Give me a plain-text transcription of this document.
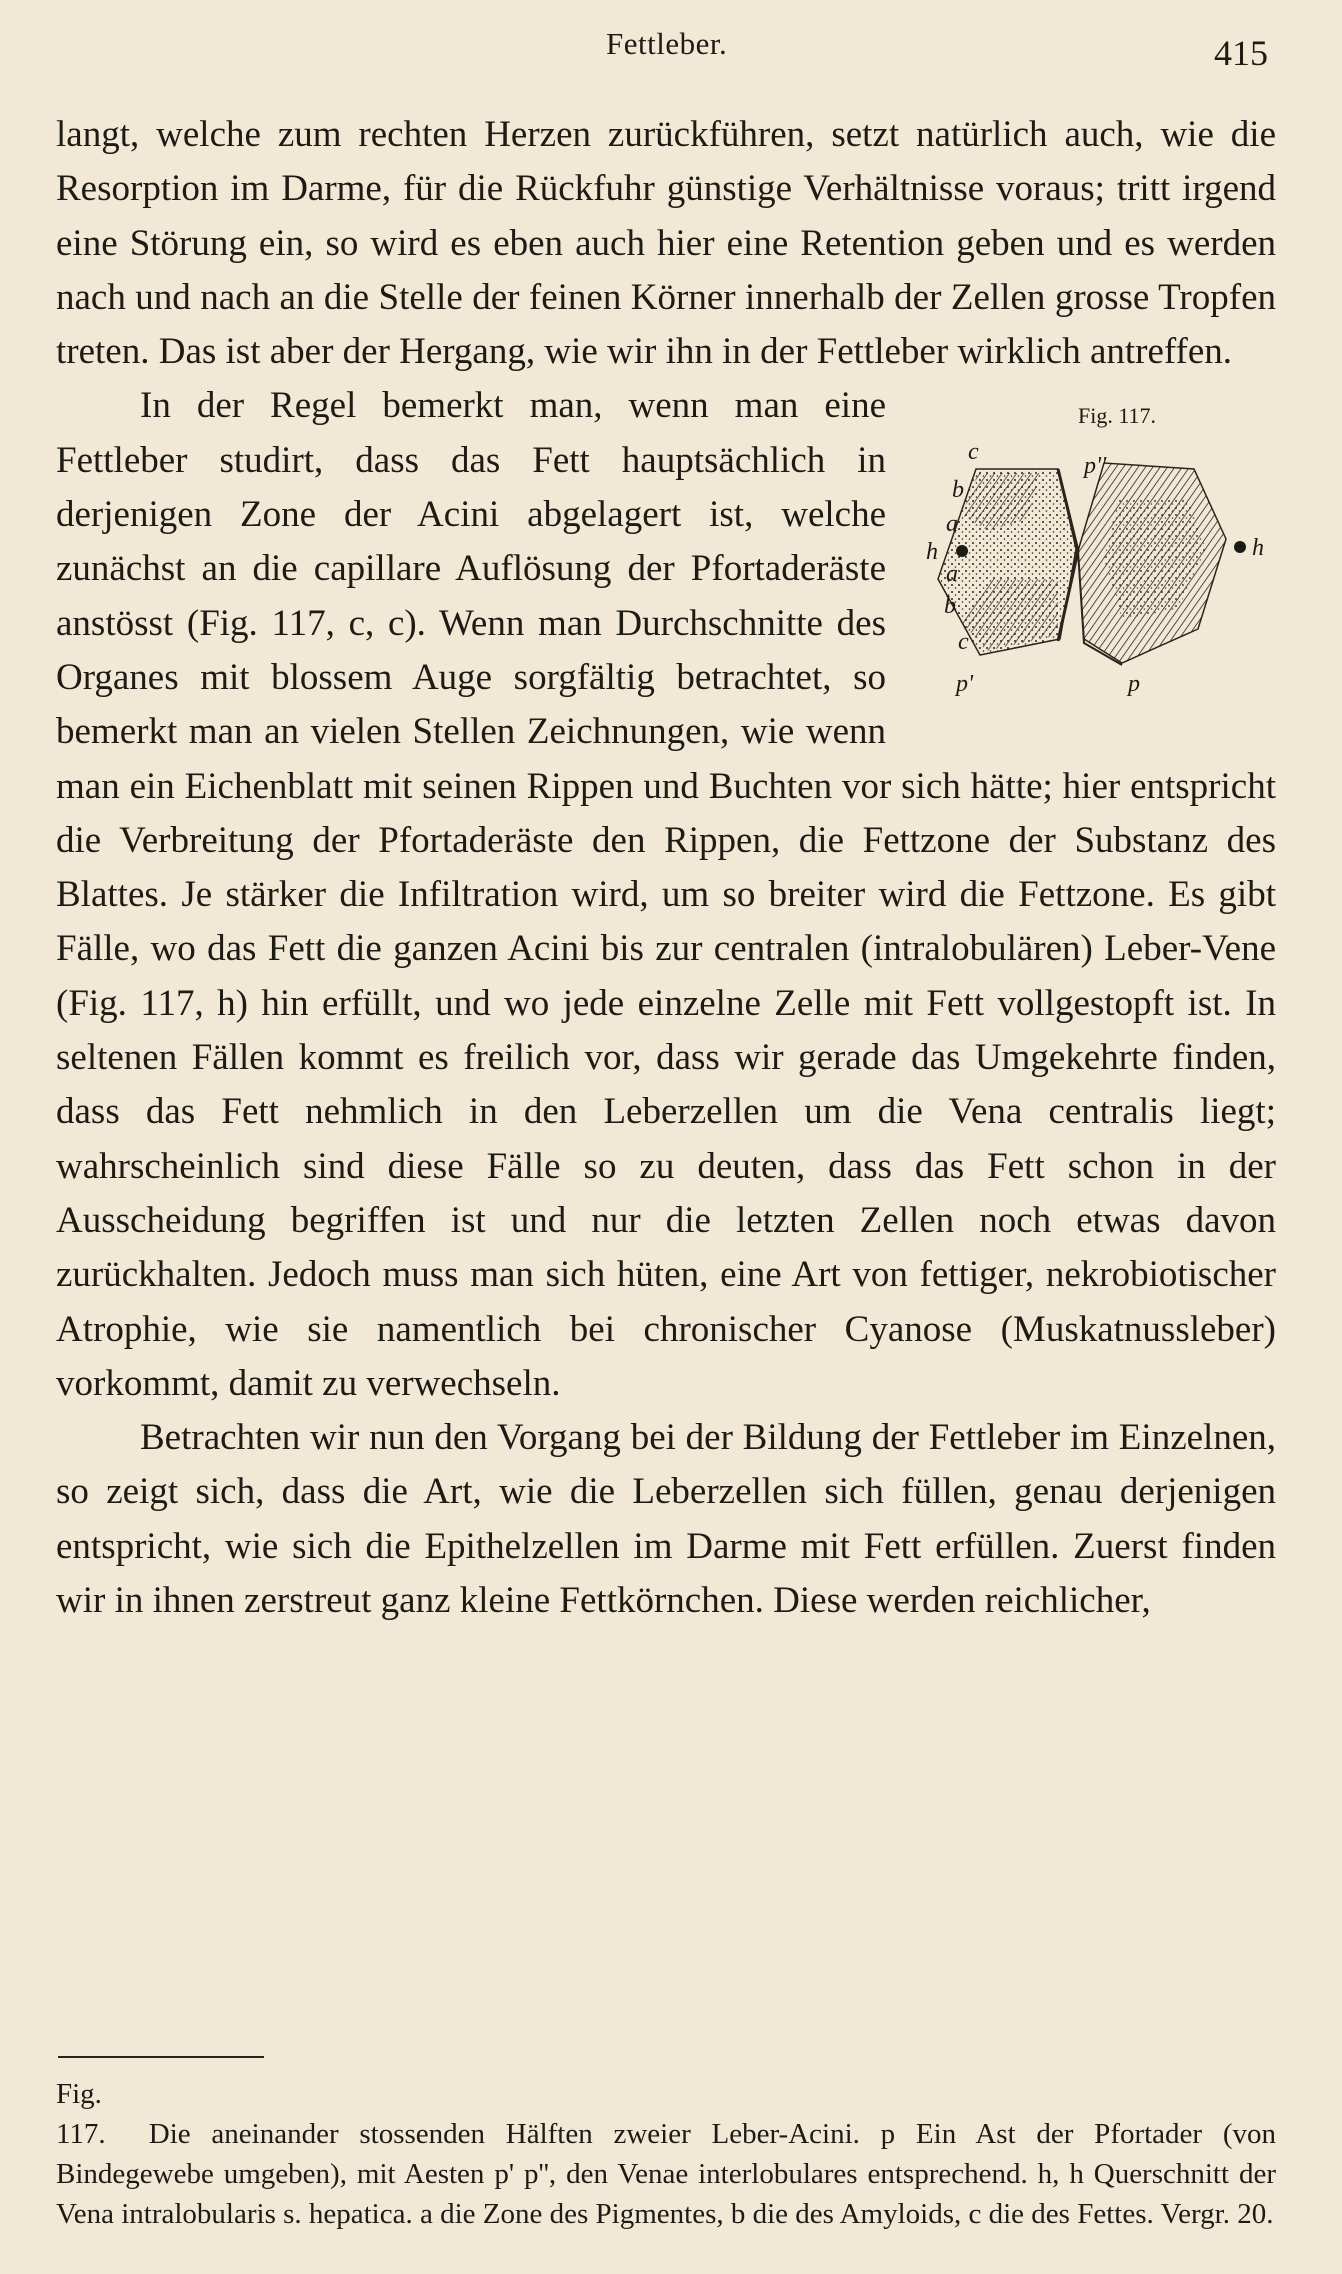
Fettleber.	415

langt, welche zum rechten Herzen zurückführen, setzt natürlich auch, wie die Resorption im Darme, für die Rückfuhr günstige Verhältnisse voraus; tritt irgend eine Störung ein, so wird es eben auch hier eine Retention geben und es werden nach und nach an die Stelle der feinen Körner innerhalb der Zellen grosse Tropfen treten. Das ist aber der Hergang, wie wir ihn in der Fettleber wirklich antreffen.

Fig. 117.
c
b
a
h
a
b
c
p''
h
p'	p
In der Regel bemerkt man, wenn man eine Fettleber studirt, dass das Fett hauptsächlich in derjenigen Zone der Acini abgelagert ist, welche zunächst an die capillare Auflösung der Pfortaderäste anstösst (Fig. 117, c, c). Wenn man Durchschnitte des Organes mit blossem Auge sorgfältig betrachtet, so bemerkt man an vielen Stellen Zeichnungen, wie wenn man ein Eichenblatt mit seinen Rippen und Buchten vor sich hätte; hier entspricht die Verbreitung der Pfortaderäste den Rippen, die Fettzone der Substanz des Blattes. Je stärker die Infiltration wird, um so breiter wird die Fettzone. Es gibt Fälle, wo das Fett die ganzen Acini bis zur centralen (intralobulären) Leber-Vene (Fig. 117, h) hin erfüllt, und wo jede einzelne Zelle mit Fett vollgestopft ist. In seltenen Fällen kommt es freilich vor, dass wir gerade das Umgekehrte finden, dass das Fett nehmlich in den Leberzellen um die Vena centralis liegt; wahrscheinlich sind diese Fälle so zu deuten, dass das Fett schon in der Ausscheidung begriffen ist und nur die letzten Zellen noch etwas davon zurückhalten. Jedoch muss man sich hüten, eine Art von fettiger, nekrobiotischer Atrophie, wie sie namentlich bei chronischer Cyanose (Muskatnussleber) vorkommt, damit zu verwechseln.

Betrachten wir nun den Vorgang bei der Bildung der Fettleber im Einzelnen, so zeigt sich, dass die Art, wie die Leberzellen sich füllen, genau derjenigen entspricht, wie sich die Epithelzellen im Darme mit Fett erfüllen. Zuerst finden wir in ihnen zerstreut ganz kleine Fettkörnchen. Diese werden reichlicher,

Fig. 117. Die aneinander stossenden Hälften zweier Leber-Acini. p Ein Ast der Pfortader (von Bindegewebe umgeben), mit Aesten p' p'', den Venae interlobulares entsprechend. h, h Querschnitt der Vena intralobularis s. hepatica. a die Zone des Pigmentes, b die des Amyloids, c die des Fettes. Vergr. 20.
